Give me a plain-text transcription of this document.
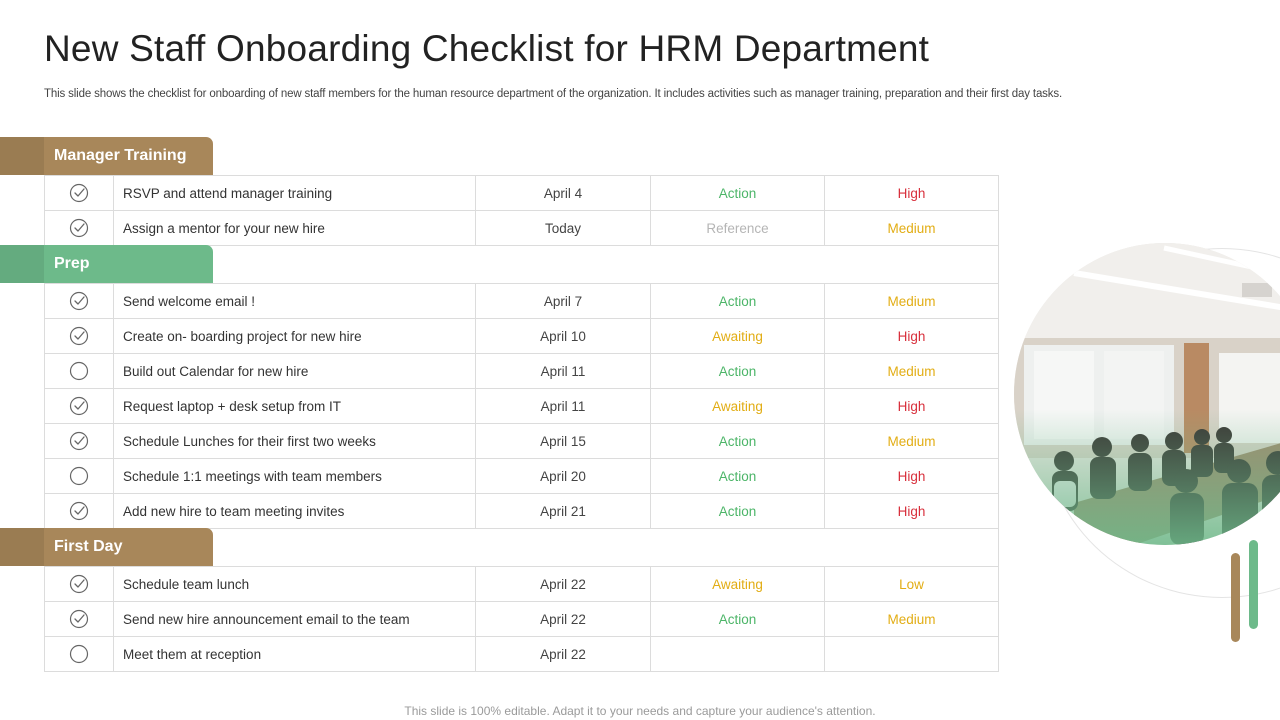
New Staff Onboarding Checklist for HRM Department
This slide shows the checklist for onboarding of new staff members for the human resource department of the organization. It includes activities such as manager training, preparation and their first day tasks.
Manager Training
RSVP and attend manager training	April 4	Action	High
Assign a mentor for your new hire	Today	Reference	Medium
Prep
Send welcome email !	April 7	Action	Medium
Create on- boarding project for new hire	April 10	Awaiting	High
Build out Calendar for new hire	April 11	Action	Medium
Request laptop + desk setup from IT	April 11	Awaiting	High
Schedule Lunches for their first two weeks	April 15	Action	Medium
Schedule 1:1 meetings with team members	April 20	Action	High
Add new hire to team meeting invites	April 21	Action	High
First Day
Schedule team lunch	April 22	Awaiting	Low
Send new hire announcement email to the team	April 22	Action	Medium
Meet them at reception	April 22
This slide is 100% editable. Adapt it to your needs and capture your audience's attention.
